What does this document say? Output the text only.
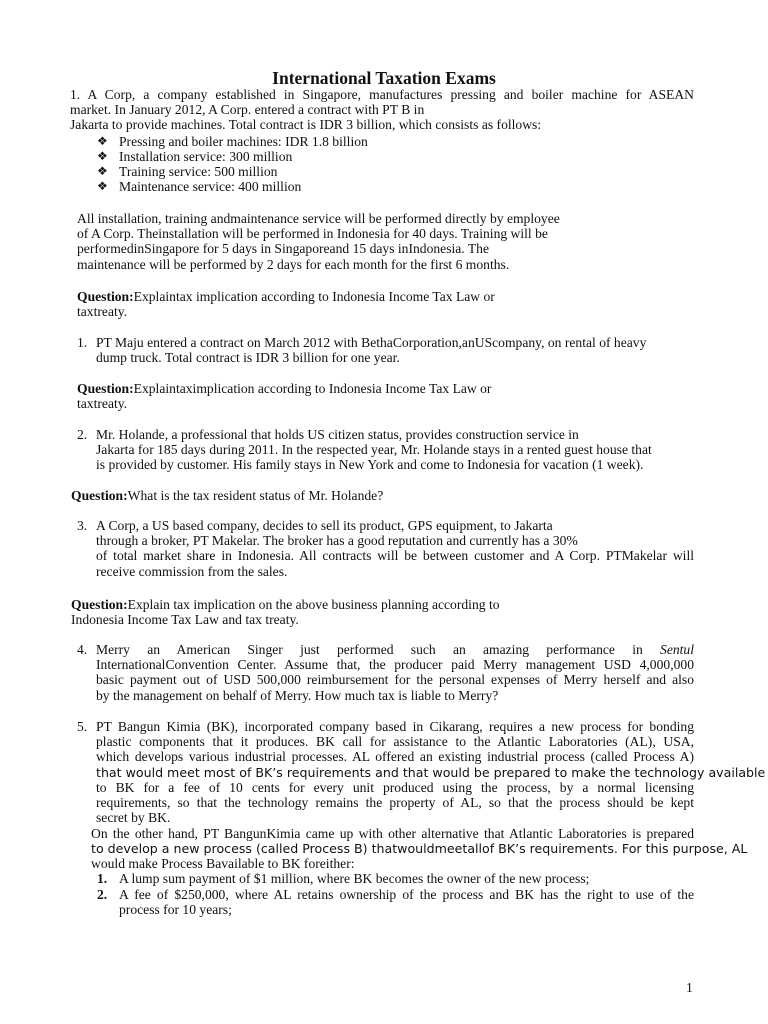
International Taxation Exams
1. A Corp, a company established in Singapore, manufactures pressing and boiler machine for ASEAN
market. In January 2012, A Corp. entered a contract with PT B in
Jakarta to provide machines. Total contract is IDR 3 billion, which consists as follows:
❖ Pressing and boiler machines: IDR 1.8 billion
❖ Installation service: 300 million
❖ Training service: 500 million
❖ Maintenance service: 400 million
All installation, training andmaintenance service will be performed directly by employee
of A Corp. Theinstallation will be performed in Indonesia for 40 days. Training will be
performedinSingapore for 5 days in Singaporeand 15 days inIndonesia. The
maintenance will be performed by 2 days for each month for the first 6 months.
Question:Explaintax implication according to Indonesia Income Tax Law or
taxtreaty.
1. PT Maju entered a contract on March 2012 with BethaCorporation,anUScompany, on rental of heavy
dump truck. Total contract is IDR 3 billion for one year.
Question:Explaintaximplication according to Indonesia Income Tax Law or
taxtreaty.
2. Mr. Holande, a professional that holds US citizen status, provides construction service in
Jakarta for 185 days during 2011. In the respected year, Mr. Holande stays in a rented guest house that
is provided by customer. His family stays in New York and come to Indonesia for vacation (1 week).
Question:What is the tax resident status of Mr. Holande?
3. A Corp, a US based company, decides to sell its product, GPS equipment, to Jakarta
through a broker, PT Makelar. The broker has a good reputation and currently has a 30%
of total market share in Indonesia. All contracts will be between customer and A Corp. PTMakelar will
receive commission from the sales.
Question:Explain tax implication on the above business planning according to
Indonesia Income Tax Law and tax treaty.
4. Merry an American Singer just performed such an amazing performance in Sentul
InternationalConvention Center. Assume that, the producer paid Merry management USD 4,000,000
basic payment out of USD 500,000 reimbursement for the personal expenses of Merry herself and also
by the management on behalf of Merry. How much tax is liable to Merry?
5. PT Bangun Kimia (BK), incorporated company based in Cikarang, requires a new process for bonding
plastic components that it produces. BK call for assistance to the Atlantic Laboratories (AL), USA,
which develops various industrial processes. AL offered an existing industrial process (called Process A)
that would meet most of BK’s requirements and that would be prepared to make the technology available
to BK for a fee of 10 cents for every unit produced using the process, by a normal licensing
requirements, so that the technology remains the property of AL, so that the process should be kept
secret by BK.
On the other hand, PT BangunKimia came up with other alternative that Atlantic Laboratories is prepared
to develop a new process (called Process B) thatwouldmeetallof BK’s requirements. For this purpose, AL
would make Process Bavailable to BK foreither:
1. A lump sum payment of $1 million, where BK becomes the owner of the new process;
2. A fee of $250,000, where AL retains ownership of the process and BK has the right to use of the
process for 10 years;
1
